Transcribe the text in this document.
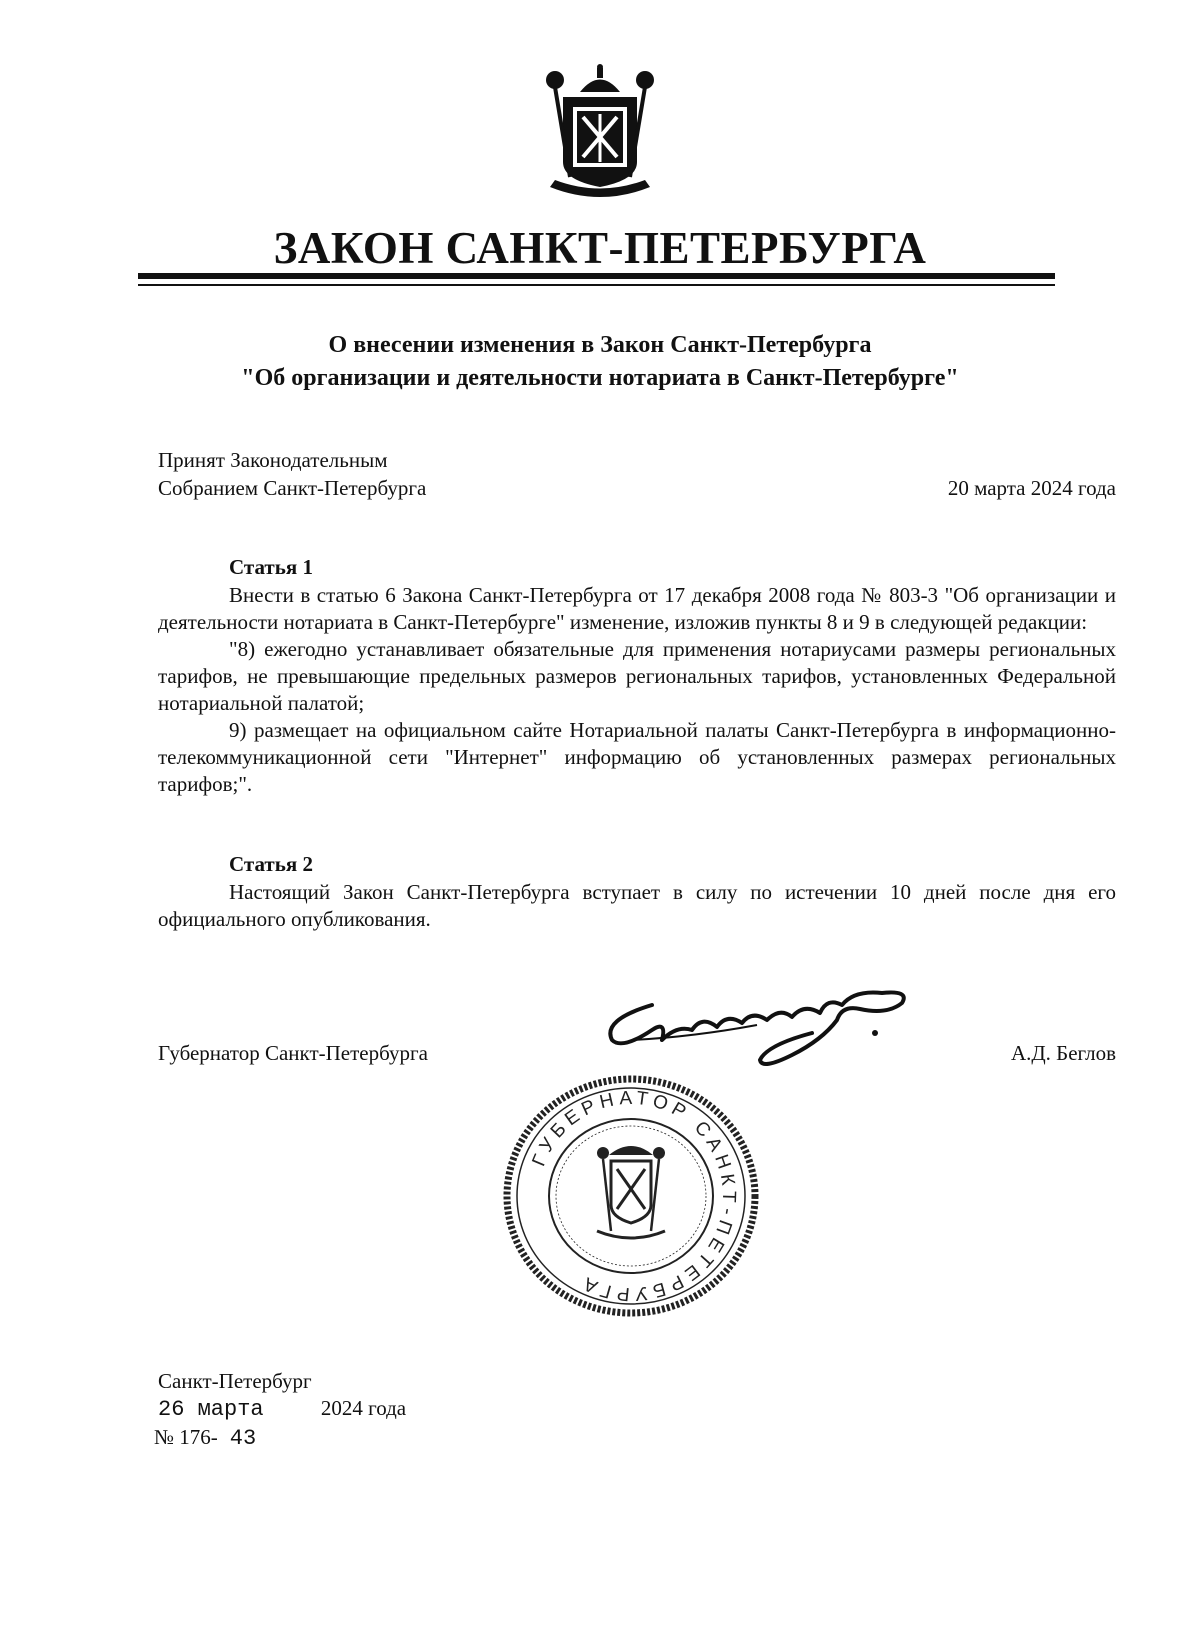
ЗАКОН САНКТ-ПЕТЕРБУРГА
О внесении изменения в Закон Санкт-Петербурга
"Об организации и деятельности нотариата в Санкт-Петербурге"
Принят Законодательным
Собранием Санкт-Петербурга	20 марта 2024 года
Статья 1

Внести в статью 6 Закона Санкт-Петербурга от 17 декабря 2008 года № 803-3 "Об организации и деятельности нотариата в Санкт-Петербурге" изменение, изложив пункты 8 и 9 в следующей редакции:

"8) ежегодно устанавливает обязательные для применения нотариусами размеры региональных тарифов, не превышающие предельных размеров региональных тарифов, установленных Федеральной нотариальной палатой;

9) размещает на официальном сайте Нотариальной палаты Санкт-Петербурга в информационно-телекоммуникационной сети "Интернет" информацию об установленных размерах региональных тарифов;".

Статья 2

Настоящий Закон Санкт-Петербурга вступает в силу по истечении 10 дней после дня его официального опубликования.

Губернатор Санкт-Петербурга	А.Д. Беглов
ГУБЕРНАТОР САНКТ-ПЕТЕРБУРГА
Санкт-Петербург
26 марта	2024 года
№ 176- 43
